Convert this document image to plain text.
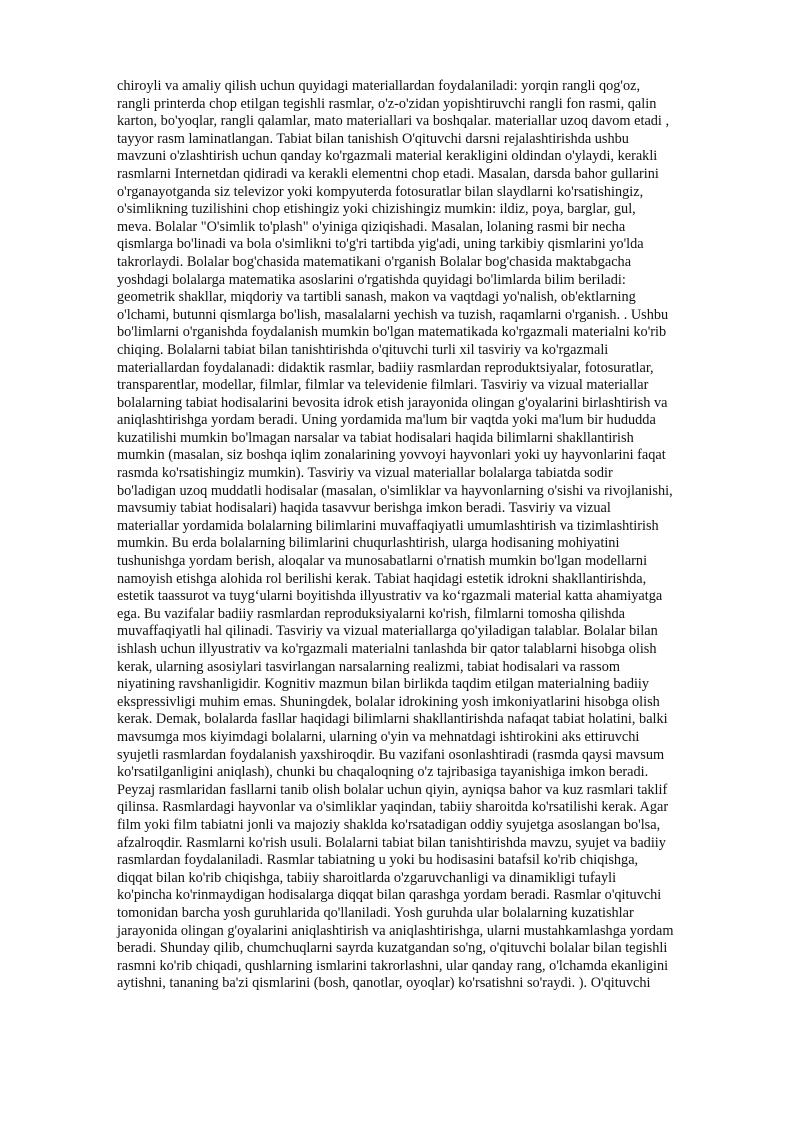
chiroyli va amaliy qilish uchun quyidagi materiallardan foydalaniladi: yorqin rangli qog'oz,
rangli printerda chop etilgan tegishli rasmlar, o'z-o'zidan yopishtiruvchi rangli fon rasmi, qalin
karton, bo'yoqlar, rangli qalamlar, mato materiallari va boshqalar. materiallar uzoq davom etadi ,
tayyor rasm laminatlangan. Tabiat bilan tanishish O'qituvchi darsni rejalashtirishda ushbu
mavzuni o'zlashtirish uchun qanday ko'rgazmali material kerakligini oldindan o'ylaydi, kerakli
rasmlarni Internetdan qidiradi va kerakli elementni chop etadi. Masalan, darsda bahor gullarini
o'rganayotganda siz televizor yoki kompyuterda fotosuratlar bilan slaydlarni ko'rsatishingiz,
o'simlikning tuzilishini chop etishingiz yoki chizishingiz mumkin: ildiz, poya, barglar, gul,
meva. Bolalar "O'simlik to'plash" o'yiniga qiziqishadi. Masalan, lolaning rasmi bir necha
qismlarga bo'linadi va bola o'simlikni to'g'ri tartibda yig'adi, uning tarkibiy qismlarini yo'lda
takrorlaydi. Bolalar bog'chasida matematikani o'rganish Bolalar bog'chasida maktabgacha
yoshdagi bolalarga matematika asoslarini o'rgatishda quyidagi bo'limlarda bilim beriladi:
geometrik shakllar, miqdoriy va tartibli sanash, makon va vaqtdagi yo'nalish, ob'ektlarning
o'lchami, butunni qismlarga bo'lish, masalalarni yechish va tuzish, raqamlarni o'rganish. . Ushbu
bo'limlarni o'rganishda foydalanish mumkin bo'lgan matematikada ko'rgazmali materialni ko'rib
chiqing. Bolalarni tabiat bilan tanishtirishda o'qituvchi turli xil tasviriy va ko'rgazmali
materiallardan foydalanadi: didaktik rasmlar, badiiy rasmlardan reproduktsiyalar, fotosuratlar,
transparentlar, modellar, filmlar, filmlar va televidenie filmlari. Tasviriy va vizual materiallar
bolalarning tabiat hodisalarini bevosita idrok etish jarayonida olingan g'oyalarini birlashtirish va
aniqlashtirishga yordam beradi. Uning yordamida ma'lum bir vaqtda yoki ma'lum bir hududda
kuzatilishi mumkin bo'lmagan narsalar va tabiat hodisalari haqida bilimlarni shakllantirish
mumkin (masalan, siz boshqa iqlim zonalarining yovvoyi hayvonlari yoki uy hayvonlarini faqat
rasmda ko'rsatishingiz mumkin). Tasviriy va vizual materiallar bolalarga tabiatda sodir
bo'ladigan uzoq muddatli hodisalar (masalan, o'simliklar va hayvonlarning o'sishi va rivojlanishi,
mavsumiy tabiat hodisalari) haqida tasavvur berishga imkon beradi. Tasviriy va vizual
materiallar yordamida bolalarning bilimlarini muvaffaqiyatli umumlashtirish va tizimlashtirish
mumkin. Bu erda bolalarning bilimlarini chuqurlashtirish, ularga hodisaning mohiyatini
tushunishga yordam berish, aloqalar va munosabatlarni o'rnatish mumkin bo'lgan modellarni
namoyish etishga alohida rol berilishi kerak. Tabiat haqidagi estetik idrokni shakllantirishda,
estetik taassurot va tuyg‘ularni boyitishda illyustrativ va ko‘rgazmali material katta ahamiyatga
ega. Bu vazifalar badiiy rasmlardan reproduksiyalarni ko'rish, filmlarni tomosha qilishda
muvaffaqiyatli hal qilinadi. Tasviriy va vizual materiallarga qo'yiladigan talablar. Bolalar bilan
ishlash uchun illyustrativ va ko'rgazmali materialni tanlashda bir qator talablarni hisobga olish
kerak, ularning asosiylari tasvirlangan narsalarning realizmi, tabiat hodisalari va rassom
niyatining ravshanligidir. Kognitiv mazmun bilan birlikda taqdim etilgan materialning badiiy
ekspressivligi muhim emas. Shuningdek, bolalar idrokining yosh imkoniyatlarini hisobga olish
kerak. Demak, bolalarda fasllar haqidagi bilimlarni shakllantirishda nafaqat tabiat holatini, balki
mavsumga mos kiyimdagi bolalarni, ularning o'yin va mehnatdagi ishtirokini aks ettiruvchi
syujetli rasmlardan foydalanish yaxshiroqdir. Bu vazifani osonlashtiradi (rasmda qaysi mavsum
ko'rsatilganligini aniqlash), chunki bu chaqaloqning o'z tajribasiga tayanishiga imkon beradi.
Peyzaj rasmlaridan fasllarni tanib olish bolalar uchun qiyin, ayniqsa bahor va kuz rasmlari taklif
qilinsa. Rasmlardagi hayvonlar va o'simliklar yaqindan, tabiiy sharoitda ko'rsatilishi kerak. Agar
film yoki film tabiatni jonli va majoziy shaklda ko'rsatadigan oddiy syujetga asoslangan bo'lsa,
afzalroqdir. Rasmlarni ko'rish usuli. Bolalarni tabiat bilan tanishtirishda mavzu, syujet va badiiy
rasmlardan foydalaniladi. Rasmlar tabiatning u yoki bu hodisasini batafsil ko'rib chiqishga,
diqqat bilan ko'rib chiqishga, tabiiy sharoitlarda o'zgaruvchanligi va dinamikligi tufayli
ko'pincha ko'rinmaydigan hodisalarga diqqat bilan qarashga yordam beradi. Rasmlar o'qituvchi
tomonidan barcha yosh guruhlarida qo'llaniladi. Yosh guruhda ular bolalarning kuzatishlar
jarayonida olingan g'oyalarini aniqlashtirish va aniqlashtirishga, ularni mustahkamlashga yordam
beradi. Shunday qilib, chumchuqlarni sayrda kuzatgandan so'ng, o'qituvchi bolalar bilan tegishli
rasmni ko'rib chiqadi, qushlarning ismlarini takrorlashni, ular qanday rang, o'lchamda ekanligini
aytishni, tananing ba'zi qismlarini (bosh, qanotlar, oyoqlar) ko'rsatishni so'raydi. ). O'qituvchi
